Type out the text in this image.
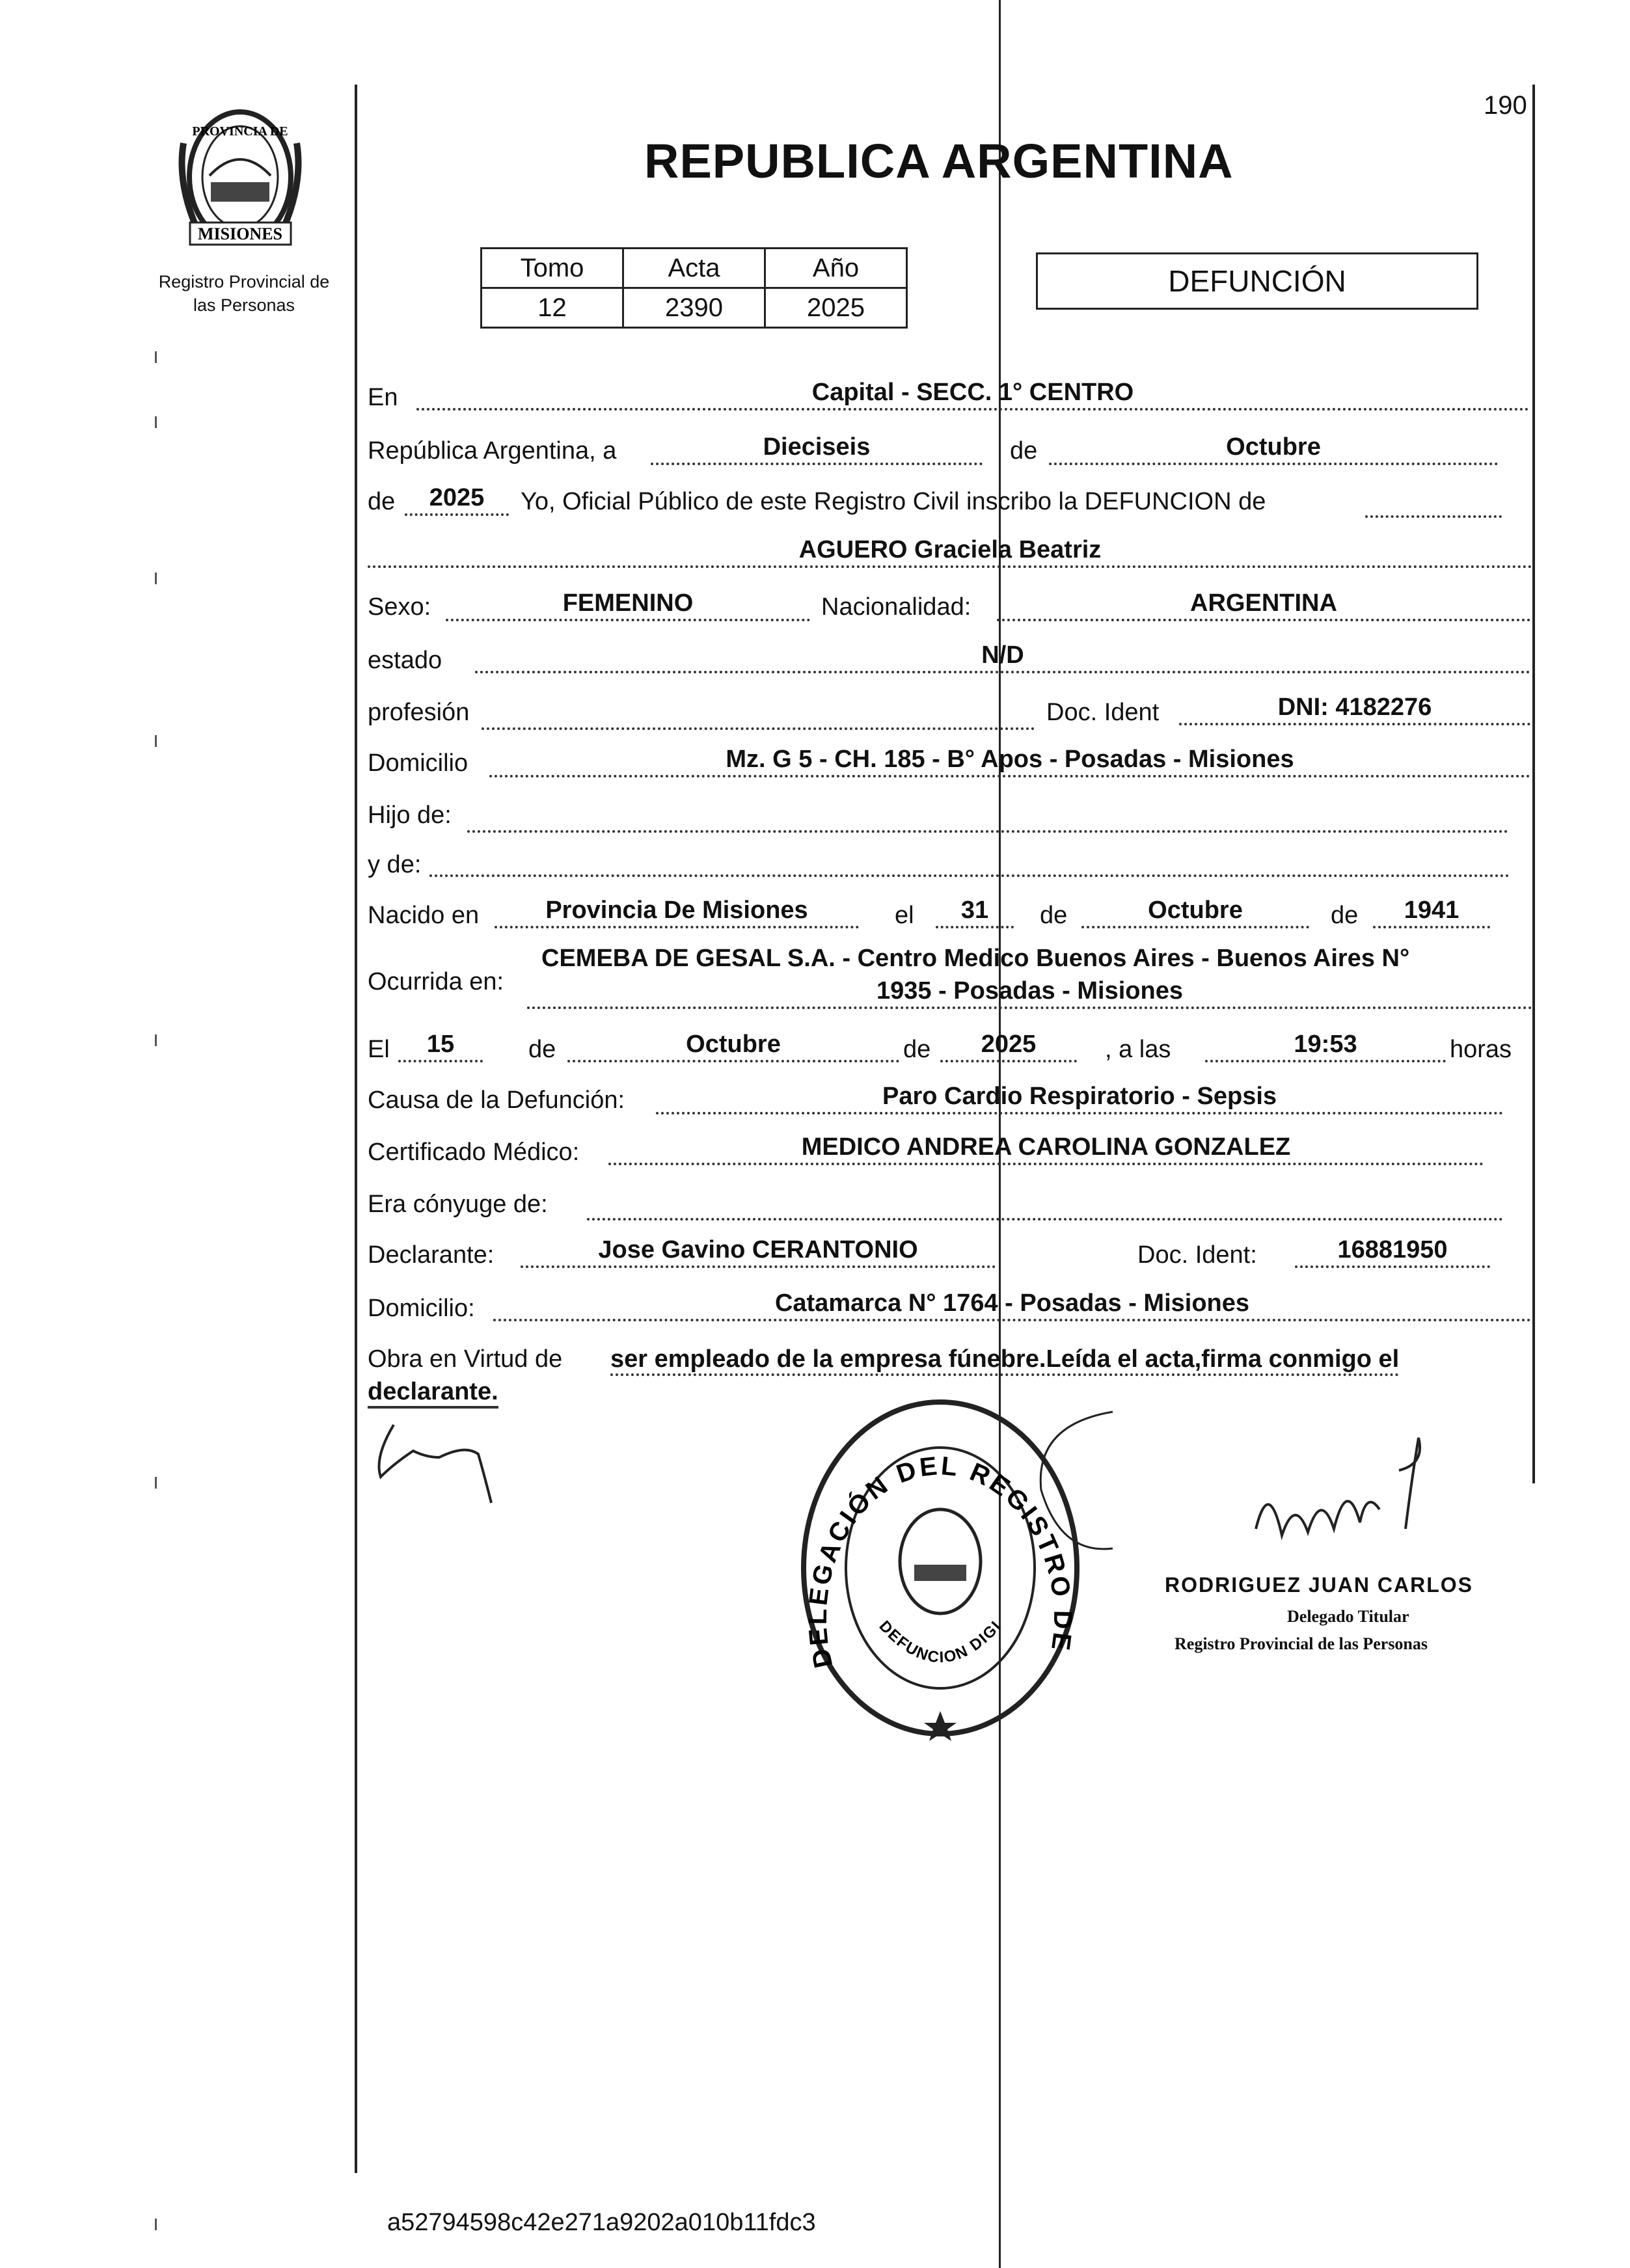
190
MISIONES
PROVINCIA DE
Registro Provincial de
las Personas
REPUBLICA ARGENTINA
Tomo	Acta	Año
12	2390	2025
DEFUNCIÓN
En	Capital - SECC. 1° CENTRO
República Argentina, a	Dieciseis	de	Octubre
de	2025	Yo, Oficial Público de este Registro Civil inscribo la DEFUNCION de
AGUERO Graciela Beatriz
Sexo:	FEMENINO	Nacionalidad:	ARGENTINA
estado	N/D
profesión	Doc. Ident	DNI: 4182276
Domicilio	Mz. G 5 - CH. 185 - B° Apos - Posadas - Misiones
Hijo de:
y de:
Nacido en	Provincia De Misiones	el	31	de	Octubre	de	1941
Ocurrida en:
CEMEBA DE GESAL S.A. - Centro Medico Buenos Aires - Buenos Aires N°
1935 - Posadas - Misiones
El	15	de	Octubre	de	2025	, a las	19:53	horas
Causa de la Defunción:	Paro Cardio Respiratorio - Sepsis
Certificado Médico:	MEDICO ANDREA CAROLINA GONZALEZ
Era cónyuge de:
Declarante:	Jose Gavino CERANTONIO	Doc. Ident:	16881950
Domicilio:	Catamarca N° 1764 - Posadas - Misiones
Obra en Virtud de ser empleado de la empresa fúnebre.Leída el acta,firma conmigo el
declarante.
DELEGACIÓN DEL REGISTRO DE
DEFUNCION DIGI
RODRIGUEZ JUAN CARLOS
Delegado Titular
Registro Provincial de las Personas
a52794598c42e271a9202a010b11fdc3
